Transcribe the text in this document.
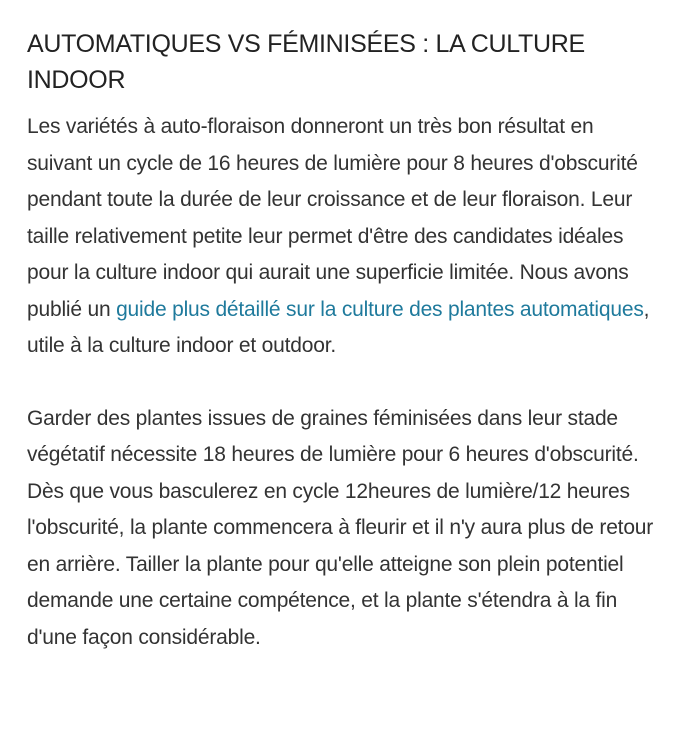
AUTOMATIQUES VS FÉMINISÉES : LA CULTURE INDOOR

Les variétés à auto-floraison donneront un très bon résultat en suivant un cycle de 16 heures de lumière pour 8 heures d'obscurité pendant toute la durée de leur croissance et de leur floraison. Leur taille relativement petite leur permet d'être des candidates idéales pour la culture indoor qui aurait une superficie limitée. Nous avons publié un guide plus détaillé sur la culture des plantes automatiques, utile à la culture indoor et outdoor.

Garder des plantes issues de graines féminisées dans leur stade végétatif nécessite 18 heures de lumière pour 6 heures d'obscurité. Dès que vous basculerez en cycle 12heures de lumière/12 heures l'obscurité, la plante commencera à fleurir et il n'y aura plus de retour en arrière. Tailler la plante pour qu'elle atteigne son plein potentiel demande une certaine compétence, et la plante s'étendra à la fin d'une façon considérable.
